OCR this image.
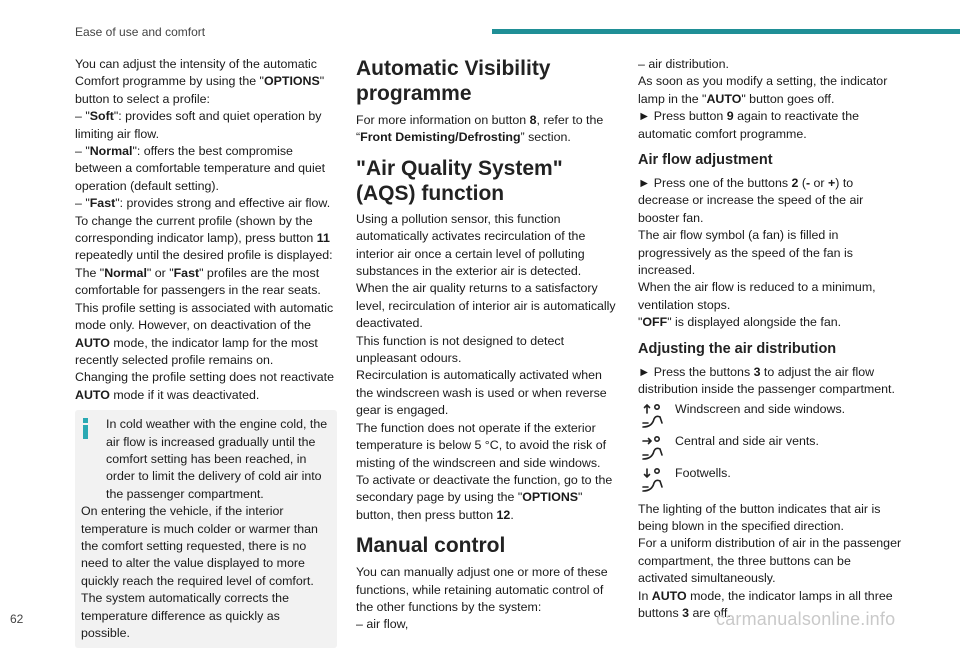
Ease of use and comfort

You can adjust the intensity of the automatic Comfort programme by using the "OPTIONS" button to select a profile:

– "Soft": provides soft and quiet operation by limiting air flow.

– "Normal": offers the best compromise between a comfortable temperature and quiet operation (default setting).

– "Fast": provides strong and effective air flow.

To change the current profile (shown by the corresponding indicator lamp), press button 11 repeatedly until the desired profile is displayed:

The "Normal" or "Fast" profiles are the most comfortable for passengers in the rear seats.

This profile setting is associated with automatic mode only. However, on deactivation of the AUTO mode, the indicator lamp for the most recently selected profile remains on.

Changing the profile setting does not reactivate AUTO mode if it was deactivated.

In cold weather with the engine cold, the air flow is increased gradually until the comfort setting has been reached, in order to limit the delivery of cold air into the passenger compartment.

On entering the vehicle, if the interior temperature is much colder or warmer than the comfort setting requested, there is no need to alter the value displayed to more quickly reach the required level of comfort.

The system automatically corrects the temperature difference as quickly as possible.

Automatic Visibility programme

For more information on button 8, refer to the “Front Demisting/Defrosting” section.

"Air Quality System" (AQS) function

Using a pollution sensor, this function automatically activates recirculation of the interior air once a certain level of polluting substances in the exterior air is detected.

When the air quality returns to a satisfactory level, recirculation of interior air is automatically deactivated.

This function is not designed to detect unpleasant odours.

Recirculation is automatically activated when the windscreen wash is used or when reverse gear is engaged.

The function does not operate if the exterior temperature is below 5 °C, to avoid the risk of misting of the windscreen and side windows.

To activate or deactivate the function, go to the secondary page by using the "OPTIONS" button, then press button 12.

Manual control

You can manually adjust one or more of these functions, while retaining automatic control of the other functions by the system:

– air flow,

– air distribution.

As soon as you modify a setting, the indicator lamp in the "AUTO" button goes off.

► Press button 9 again to reactivate the automatic comfort programme.

Air flow adjustment

► Press one of the buttons 2 (- or +) to decrease or increase the speed of the air booster fan.

The air flow symbol (a fan) is filled in progressively as the speed of the fan is increased.

When the air flow is reduced to a minimum, ventilation stops.

"OFF" is displayed alongside the fan.

Adjusting the air distribution

► Press the buttons 3 to adjust the air flow distribution inside the passenger compartment.

Windscreen and side windows.

Central and side air vents.

Footwells.

The lighting of the button indicates that air is being blown in the specified direction.

For a uniform distribution of air in the passenger compartment, the three buttons can be activated simultaneously.

In AUTO mode, the indicator lamps in all three buttons 3 are off.

62	carmanualsonline.info
